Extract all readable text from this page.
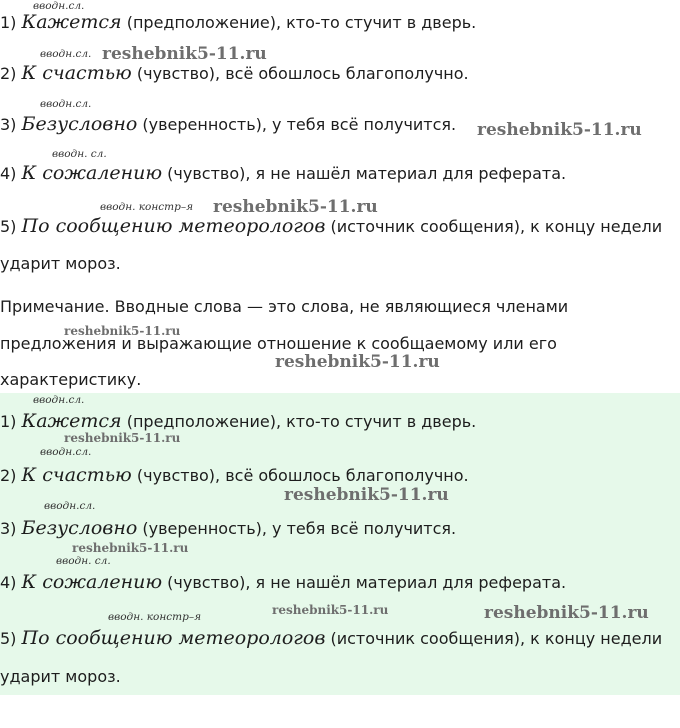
вводн.сл.
1) Кажется (предположение), кто-то стучит в дверь.
вводн.сл. reshebnik5-11.ru
2) К счастью (чувство), всё обошлось благополучно.
вводн.сл.
3) Безусловно (уверенность), у тебя всё получится. reshebnik5-11.ru
вводн. сл.
4) К сожалению (чувство), я не нашёл материал для реферата.
вводн. констр–я reshebnik5-11.ru
5) По сообщению метеорологов (источник сообщения), к концу недели
ударит мороз.
Примечание. Вводные слова — это слова, не являющиеся членами
reshebnik5-11.ru
предложения и выражающие отношение к сообщаемому или его
reshebnik5-11.ru
характеристику.
вводн.сл.
1) Кажется (предположение), кто-то стучит в дверь.
reshebnik5-11.ru
вводн.сл.
2) К счастью (чувство), всё обошлось благополучно.
reshebnik5-11.ru
вводн.сл.
3) Безусловно (уверенность), у тебя всё получится.
reshebnik5-11.ru
вводн. сл.
4) К сожалению (чувство), я не нашёл материал для реферата.
reshebnik5-11.ru
вводн. констр–я	reshebnik5-11.ru
5) По сообщению метеорологов (источник сообщения), к концу недели
ударит мороз.
